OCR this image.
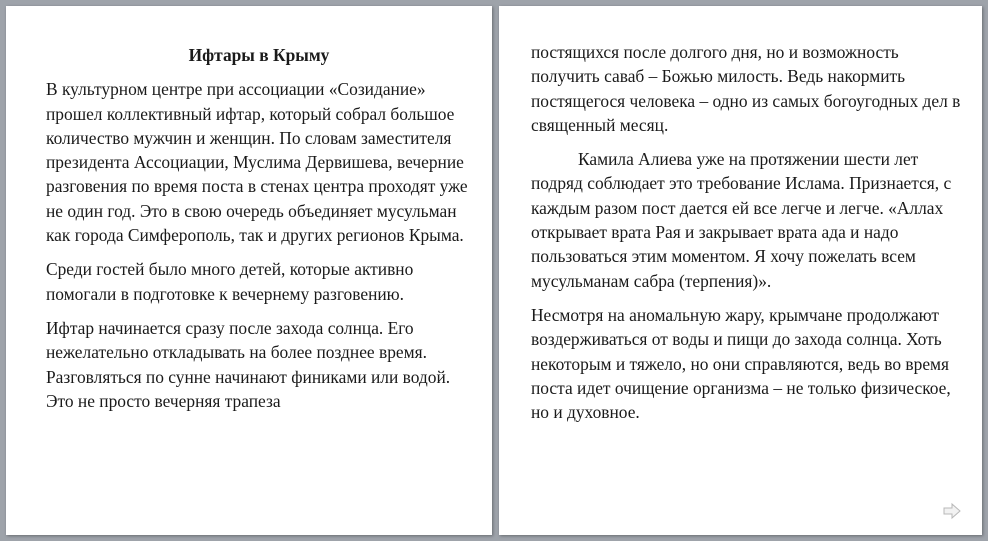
Ифтары в Крыму

В культурном центре при ассоциации «Созидание» прошел коллективный ифтар, который собрал большое количество мужчин и женщин. По словам заместителя президента Ассоциации, Муслима Дервишева, вечерние разговения по время поста в стенах центра проходят уже не один год. Это в свою очередь объединяет мусульман как города Симферополь, так и других регионов Крыма.

Среди гостей было много детей, которые активно помогали в подготовке к вечернему разговению.

Ифтар начинается сразу после захода солнца. Его нежелательно откладывать на более позднее время. Разговляться по сунне начинают финиками или водой. Это не просто вечерняя трапеза

постящихся после долгого дня, но и возможность получить саваб – Божью милость. Ведь накормить постящегося человека – одно из самых богоугодных дел в священный месяц.

Камила Алиева уже на протяжении шести лет подряд соблюдает это требование Ислама. Признается, с каждым разом пост дается ей все легче и легче. «Аллах открывает врата Рая и закрывает врата ада и надо пользоваться этим моментом. Я хочу пожелать всем мусульманам сабра (терпения)».

Несмотря на аномальную жару, крымчане продолжают воздерживаться от воды и пищи до захода солнца. Хоть некоторым и тяжело, но они справляются, ведь во время поста идет очищение организма – не только физическое, но и духовное.
